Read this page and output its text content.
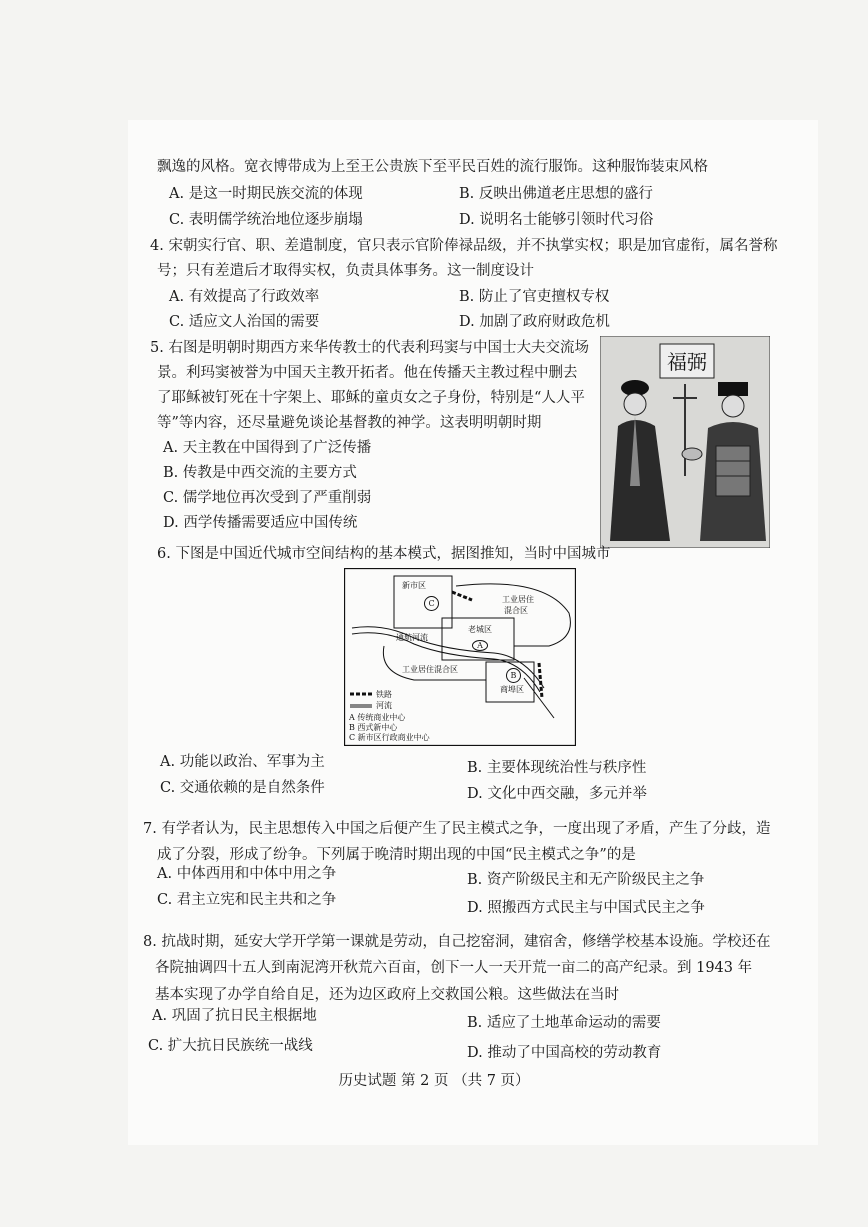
飘逸的风格。宽衣博带成为上至王公贵族下至平民百姓的流行服饰。这种服饰装束风格
A. 是这一时期民族交流的体现	B. 反映出佛道老庄思想的盛行
C. 表明儒学统治地位逐步崩塌	D. 说明名士能够引领时代习俗
4. 宋朝实行官、职、差遣制度，官只表示官阶俸禄品级，并不执掌实权；职是加官虚衔，属名誉称
号；只有差遣后才取得实权，负责具体事务。这一制度设计
A. 有效提高了行政效率	B. 防止了官吏擅权专权
C. 适应文人治国的需要	D. 加剧了政府财政危机
5. 右图是明朝时期西方来华传教士的代表利玛窦与中国士大夫交流场
景。利玛窦被誉为中国天主教开拓者。他在传播天主教过程中删去
了耶稣被钉死在十字架上、耶稣的童贞女之子身份，特别是“人人平
等”等内容，还尽量避免谈论基督教的神学。这表明明朝时期
A. 天主教在中国得到了广泛传播
B. 传教是中西交流的主要方式
C. 儒学地位再次受到了严重削弱
D. 西学传播需要适应中国传统
福弼
6. 下图是中国近代城市空间结构的基本模式，据图推知，当时中国城市
新市区
C	工业居住
混合区
老城区
A
通航河流
工业居住混合区
B
商埠区
铁路
河流
A 传统商业中心
B 西式新中心
C 新市区行政商业中心
A. 功能以政治、军事为主	B. 主要体现统治性与秩序性
C. 交通依赖的是自然条件	D. 文化中西交融，多元并举
7. 有学者认为，民主思想传入中国之后便产生了民主模式之争，一度出现了矛盾，产生了分歧，造
成了分裂，形成了纷争。下列属于晚清时期出现的中国“民主模式之争”的是
A. 中体西用和中体中用之争	B. 资产阶级民主和无产阶级民主之争
C. 君主立宪和民主共和之争	D. 照搬西方式民主与中国式民主之争
8. 抗战时期，延安大学开学第一课就是劳动，自己挖窑洞，建宿舍，修缮学校基本设施。学校还在
各院抽调四十五人到南泥湾开秋荒六百亩，创下一人一天开荒一亩二的高产纪录。到 1943 年
基本实现了办学自给自足，还为边区政府上交救国公粮。这些做法在当时
A. 巩固了抗日民主根据地	B. 适应了土地革命运动的需要
C. 扩大抗日民族统一战线	D. 推动了中国高校的劳动教育
历史试题 第 2 页 （共 7 页）
